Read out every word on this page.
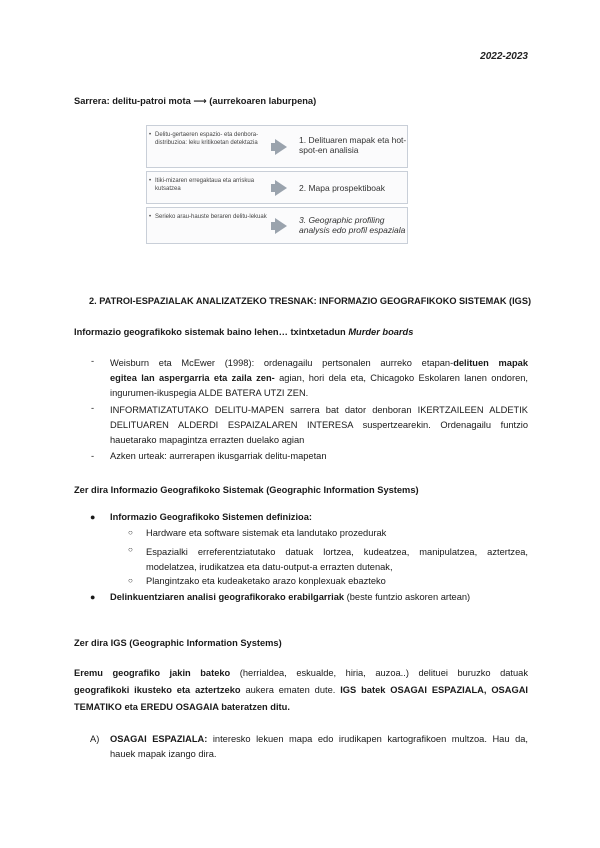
2022-2023
Sarrera: delitu-patroi mota ⟶ (aurrekoaren laburpena)
• Delitu-gertaeren espazio- eta denbora-distribuzioa: leku kritikoetan detektazia	1. Delituaren mapak eta hot-spot-en analisia
• Itiki-mizaren erregaktaua eta arriskua kutsatzea	2. Mapa prospektiboak
• Serieko arau-hauste beraren delitu-lekuak	3. Geographic profiling analysis edo profil espaziala
2. PATROI-ESPAZIALAK ANALIZATZEKO TRESNAK: INFORMAZIO GEOGRAFIKOKO SISTEMAK (IGS)
Informazio geografikoko sistemak baino lehen… txintxetadun Murder boards
- Weisburn eta McEwer (1998): ordenagailu pertsonalen aurreko etapan-delituen mapak
egitea lan aspergarria eta zaila zen- agian, hori dela eta, Chicagoko Eskolaren lanen ondoren,
ingurumen-ikuspegia ALDE BATERA UTZI ZEN.
- INFORMATIZATUTAKO DELITU-MAPEN sarrera bat dator denboran IKERTZAILEEN ALDETIK
DELITUAREN ALDERDI ESPAIZALAREN INTERESA suspertzearekin. Ordenagailu funtzio
hauetarako mapagintza errazten duelako agian
- Azken urteak: aurrerapen ikusgarriak delitu-mapetan
Zer dira Informazio Geografikoko Sistemak (Geographic Information Systems)
● Informazio Geografikoko Sistemen definizioa:
○ Hardware eta software sistemak eta landutako prozedurak
○ Espazialki erreferentziatutako datuak lortzea, kudeatzea, manipulatzea, aztertzea,
modelatzea, irudikatzea eta datu-output-a errazten dutenak,
○ Plangintzako eta kudeaketako arazo konplexuak ebazteko
● Delinkuentziaren analisi geografikorako erabilgarriak (beste funtzio askoren artean)
Zer dira IGS (Geographic Information Systems)
Eremu geografiko jakin bateko (herrialdea, eskualde, hiria, auzoa..) delituei buruzko datuak
geografikoki ikusteko eta aztertzeko aukera ematen dute. IGS batek OSAGAI ESPAZIALA, OSAGAI
TEMATIKO eta EREDU OSAGAIA bateratzen ditu.
A) OSAGAI ESPAZIALA: interesko lekuen mapa edo irudikapen kartografikoen multzoa. Hau da,
hauek mapak izango dira.
